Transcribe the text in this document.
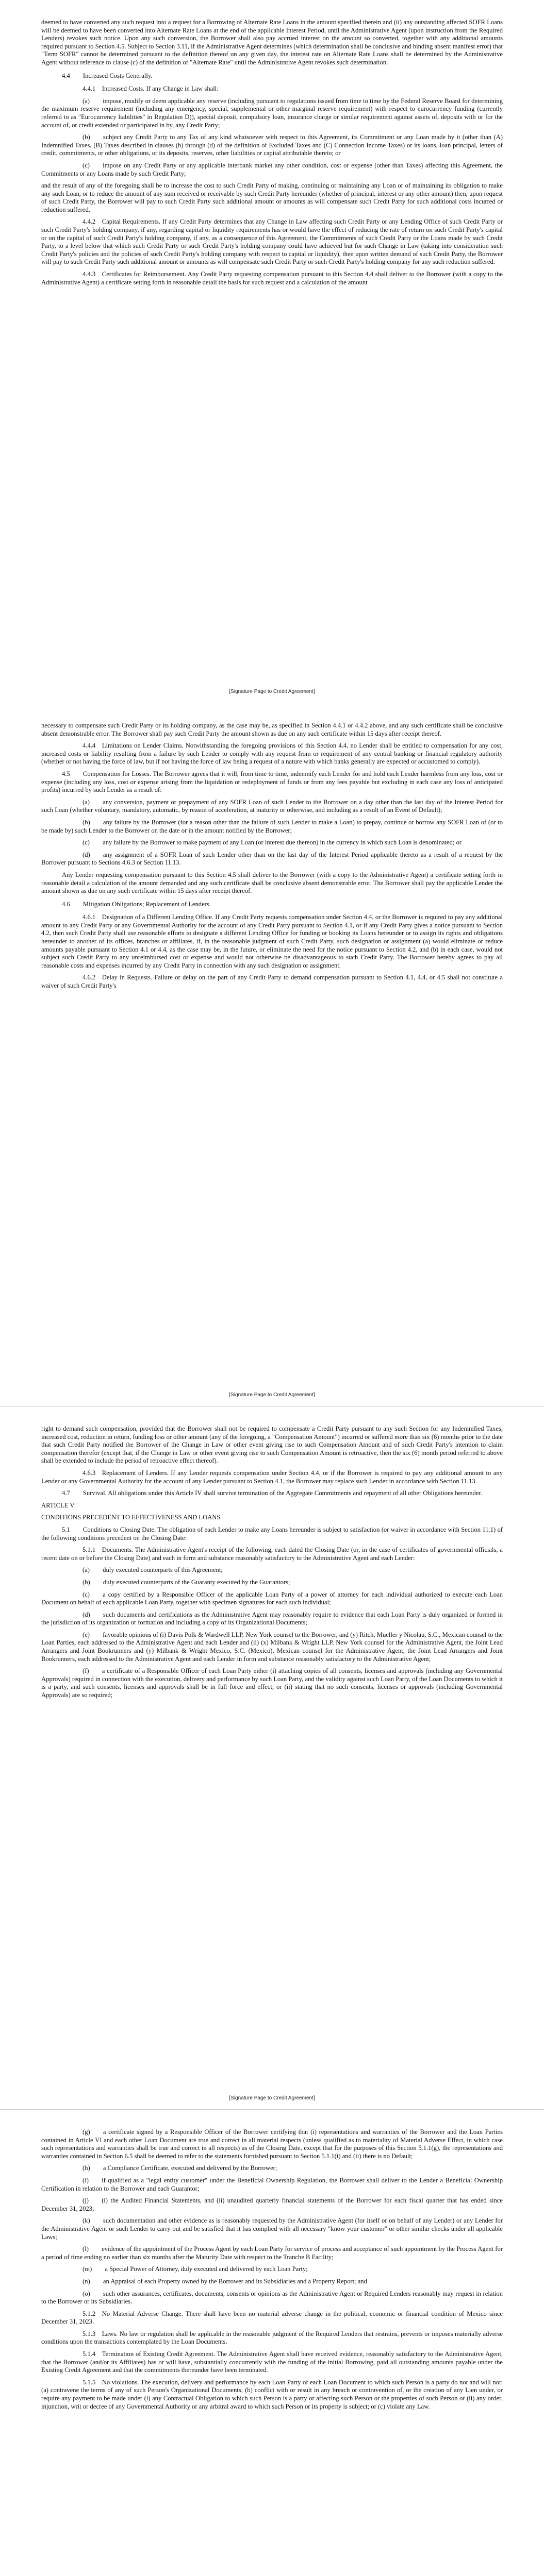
deemed to have converted any such request into a request for a Borrowing of Alternate Rate Loans in the amount specified therein and (ii) any outstanding affected SOFR Loans will be deemed to have been converted into Alternate Rate Loans at the end of the applicable Interest Period, until the Administrative Agent (upon instruction from the Required Lenders) revokes such notice. Upon any such conversion, the Borrower shall also pay accrued interest on the amount so converted, together with any additional amounts required pursuant to Section 4.5. Subject to Section 3.11, if the Administrative Agent determines (which determination shall be conclusive and binding absent manifest error) that "Term SOFR" cannot be determined pursuant to the definition thereof on any given day, the interest rate on Alternate Rate Loans shall be determined by the Administrative Agent without reference to clause (c) of the definition of "Alternate Rate" until the Administrative Agent revokes such determination.

4.4  Increased Costs Generally.

4.4.1 Increased Costs. If any Change in Law shall:

(a)  impose, modify or deem applicable any reserve (including pursuant to regulations issued from time to time by the Federal Reserve Board for determining the maximum reserve requirement (including any emergency, special, supplemental or other marginal reserve requirement) with respect to eurocurrency funding (currently referred to as "Eurocurrency liabilities" in Regulation D)), special deposit, compulsory loan, insurance charge or similar requirement against assets of, deposits with or for the account of, or credit extended or participated in by, any Credit Party;

(b)  subject any Credit Party to any Tax of any kind whatsoever with respect to this Agreement, its Commitment or any Loan made by it (other than (A) Indemnified Taxes, (B) Taxes described in clauses (b) through (d) of the definition of Excluded Taxes and (C) Connection Income Taxes) or its loans, loan principal, letters of credit, commitments, or other obligations, or its deposits, reserves, other liabilities or capital attributable thereto; or

(c)  impose on any Credit Party or any applicable interbank market any other condition, cost or expense (other than Taxes) affecting this Agreement, the Commitments or any Loans made by such Credit Party;

and the result of any of the foregoing shall be to increase the cost to such Credit Party of making, continuing or maintaining any Loan or of maintaining its obligation to make any such Loan, or to reduce the amount of any sum received or receivable by such Credit Party hereunder (whether of principal, interest or any other amount) then, upon request of such Credit Party, the Borrower will pay to such Credit Party such additional amount or amounts as will compensate such Credit Party for such additional costs incurred or reduction suffered.

4.4.2 Capital Requirements. If any Credit Party determines that any Change in Law affecting such Credit Party or any Lending Office of such Credit Party or such Credit Party's holding company, if any, regarding capital or liquidity requirements has or would have the effect of reducing the rate of return on such Credit Party's capital or on the capital of such Credit Party's holding company, if any, as a consequence of this Agreement, the Commitments of such Credit Party or the Loans made by such Credit Party, to a level below that which such Credit Party or such Credit Party's holding company could have achieved but for such Change in Law (taking into consideration such Credit Party's policies and the policies of such Credit Party's holding company with respect to capital or liquidity), then upon written demand of such Credit Party, the Borrower will pay to such Credit Party such additional amount or amounts as will compensate such Credit Party or such Credit Party's holding company for any such reduction suffered.

4.4.3 Certificates for Reimbursement. Any Credit Party requesting compensation pursuant to this Section 4.4 shall deliver to the Borrower (with a copy to the Administrative Agent) a certificate setting forth in reasonable detail the basis for such request and a calculation of the amount

[Signature Page to Credit Agreement]

necessary to compensate such Credit Party or its holding company, as the case may be, as specified in Section 4.4.1 or 4.4.2 above, and any such certificate shall be conclusive absent demonstrable error. The Borrower shall pay such Credit Party the amount shown as due on any such certificate within 15 days after receipt thereof.

4.4.4 Limitations on Lender Claims. Notwithstanding the foregoing provisions of this Section 4.4, no Lender shall be entitled to compensation for any cost, increased costs or liability resulting from a failure by such Lender to comply with any request from or requirement of any central banking or financial regulatory authority (whether or not having the force of law, but if not having the force of law being a request of a nature with which banks generally are expected or accustomed to comply).

4.5  Compensation for Losses. The Borrower agrees that it will, from time to time, indemnify each Lender for and hold each Lender harmless from any loss, cost or expense (including any loss, cost or expense arising from the liquidation or redeployment of funds or from any fees payable but excluding in each case any loss of anticipated profits) incurred by such Lender as a result of:

(a)  any conversion, payment or prepayment of any SOFR Loan of such Lender to the Borrower on a day other than the last day of the Interest Period for such Loan (whether voluntary, mandatory, automatic, by reason of acceleration, at maturity or otherwise, and including as a result of an Event of Default);

(b)  any failure by the Borrower (for a reason other than the failure of such Lender to make a Loan) to prepay, continue or borrow any SOFR Loan of (or to be made by) such Lender to the Borrower on the date or in the amount notified by the Borrower;

(c)  any failure by the Borrower to make payment of any Loan (or interest due thereon) in the currency in which such Loan is denominated; or

(d)  any assignment of a SOFR Loan of such Lender other than on the last day of the Interest Period applicable thereto as a result of a request by the Borrower pursuant to Sections 4.6.3 or Section 11.13.

Any Lender requesting compensation pursuant to this Section 4.5 shall deliver to the Borrower (with a copy to the Administrative Agent) a certificate setting forth in reasonable detail a calculation of the amount demanded and any such certificate shall be conclusive absent demonstrable error. The Borrower shall pay the applicable Lender the amount shown as due on any such certificate within 15 days after receipt thereof.

4.6  Mitigation Obligations; Replacement of Lenders.

4.6.1 Designation of a Different Lending Office. If any Credit Party requests compensation under Section 4.4, or the Borrower is required to pay any additional amount to any Credit Party or any Governmental Authority for the account of any Credit Party pursuant to Section 4.1, or if any Credit Party gives a notice pursuant to Section 4.2, then such Credit Party shall use reasonable efforts to designate a different Lending Office for funding or booking its Loans hereunder or to assign its rights and obligations hereunder to another of its offices, branches or affiliates, if, in the reasonable judgment of such Credit Party, such designation or assignment (a) would eliminate or reduce amounts payable pursuant to Section 4.1 or 4.4, as the case may be, in the future, or eliminate the need for the notice pursuant to Section 4.2, and (b) in each case, would not subject such Credit Party to any unreimbursed cost or expense and would not otherwise be disadvantageous to such Credit Party. The Borrower hereby agrees to pay all reasonable costs and expenses incurred by any Credit Party in connection with any such designation or assignment.

4.6.2 Delay in Requests. Failure or delay on the part of any Credit Party to demand compensation pursuant to Section 4.1, 4.4, or 4.5 shall not constitute a waiver of such Credit Party's

[Signature Page to Credit Agreement]

right to demand such compensation, provided that the Borrower shall not be required to compensate a Credit Party pursuant to any such Section for any Indemnified Taxes, increased cost, reduction in return, funding loss or other amount (any of the foregoing, a "Compensation Amount") incurred or suffered more than six (6) months prior to the date that such Credit Party notified the Borrower of the Change in Law or other event giving rise to such Compensation Amount and of such Credit Party's intention to claim compensation therefor (except that, if the Change in Law or other event giving rise to such Compensation Amount is retroactive, then the six (6) month period referred to above shall be extended to include the period of retroactive effect thereof).

4.6.3 Replacement of Lenders. If any Lender requests compensation under Section 4.4, or if the Borrower is required to pay any additional amount to any Lender or any Governmental Authority for the account of any Lender pursuant to Section 4.1, the Borrower may replace such Lender in accordance with Section 11.13.

4.7  Survival. All obligations under this Article IV shall survive termination of the Aggregate Commitments and repayment of all other Obligations hereunder.

ARTICLE V

CONDITIONS PRECEDENT TO EFFECTIVENESS AND LOANS

5.1  Conditions to Closing Date. The obligation of each Lender to make any Loans hereunder is subject to satisfaction (or waiver in accordance with Section 11.1) of the following conditions precedent on the Closing Date:

5.1.1 Documents. The Administrative Agent's receipt of the following, each dated the Closing Date (or, in the case of certificates of governmental officials, a recent date on or before the Closing Date) and each in form and substance reasonably satisfactory to the Administrative Agent and each Lender:

(a)  duly executed counterparts of this Agreement;

(b)  duly executed counterparts of the Guaranty executed by the Guarantors;

(c)  a copy certified by a Responsible Officer of the applicable Loan Party of a power of attorney for each individual authorized to execute each Loan Document on behalf of each applicable Loan Party, together with specimen signatures for each such individual;

(d)  such documents and certifications as the Administrative Agent may reasonably require to evidence that each Loan Party is duly organized or formed in the jurisdiction of its organization or formation and including a copy of its Organizational Documents;

(e)  favorable opinions of (i) Davis Polk & Wardwell LLP, New York counsel to the Borrower, and (y) Ritch, Mueller y Nicolau, S.C., Mexican counsel to the Loan Parties, each addressed to the Administrative Agent and each Lender and (ii) (x) Milbank & Wright LLP, New York counsel for the Administrative Agent, the Joint Lead Arrangers and Joint Bookrunners and (y) Milbank & Wright Mexico, S.C. (Mexico), Mexican counsel for the Administrative Agent, the Joint Lead Arrangers and Joint Bookrunners, each addressed to the Administrative Agent and each Lender in form and substance reasonably satisfactory to the Administrative Agent;

(f)  a certificate of a Responsible Officer of each Loan Party either (i) attaching copies of all consents, licenses and approvals (including any Governmental Approvals) required in connection with the execution, delivery and performance by such Loan Party, and the validity against such Loan Party, of the Loan Documents to which it is a party, and such consents, licenses and approvals shall be in full force and effect, or (ii) stating that no such consents, licenses or approvals (including Governmental Approvals) are so required;

[Signature Page to Credit Agreement]

(g)  a certificate signed by a Responsible Officer of the Borrower certifying that (i) representations and warranties of the Borrower and the Loan Parties contained in Article VI and each other Loan Document are true and correct in all material respects (unless qualified as to materiality of Material Adverse Effect, in which case such representations and warranties shall be true and correct in all respects) as of the Closing Date, except that for the purposes of this Section 5.1.1(g), the representations and warranties contained in Section 6.5 shall be deemed to refer to the statements furnished pursuant to Section 5.1.1(i) and (ii) there is no Default;

(h)  a Compliance Certificate, executed and delivered by the Borrower;

(i)  if qualified as a "legal entity customer" under the Beneficial Ownership Regulation, the Borrower shall deliver to the Lender a Beneficial Ownership Certification in relation to the Borrower and each Guarantor;

(j)  (i) the Audited Financial Statements, and (ii) unaudited quarterly financial statements of the Borrower for each fiscal quarter that has ended since December 31, 2023;

(k)  such documentation and other evidence as is reasonably requested by the Administrative Agent (for itself or on behalf of any Lender) or any Lender for the Administrative Agent or such Lender to carry out and be satisfied that it has complied with all necessary "know your customer" or other similar checks under all applicable Laws;

(l)  evidence of the appointment of the Process Agent by each Loan Party for service of process and acceptance of such appointment by the Process Agent for a period of time ending no earlier than six months after the Maturity Date with respect to the Tranche B Facility;

(m)  a Special Power of Attorney, duly executed and delivered by each Loan Party;

(n)  an Appraisal of each Property owned by the Borrower and its Subsidiaries and a Property Report; and

(o)  such other assurances, certificates, documents, consents or opinions as the Administrative Agent or Required Lenders reasonably may request in relation to the Borrower or its Subsidiaries.

5.1.2 No Material Adverse Change. There shall have been no material adverse change in the political, economic or financial condition of Mexico since December 31, 2023.

5.1.3 Laws. No law or regulation shall be applicable in the reasonable judgment of the Required Lenders that restrains, prevents or imposes materially adverse conditions upon the transactions contemplated by the Loan Documents.

5.1.4 Termination of Existing Credit Agreement. The Administrative Agent shall have received evidence, reasonably satisfactory to the Administrative Agent, that the Borrower (and/or its Affiliates) has or will have, substantially concurrently with the funding of the initial Borrowing, paid all outstanding amounts payable under the Existing Credit Agreement and that the commitments thereunder have been terminated.

5.1.5 No violations. The execution, delivery and performance by each Loan Party of each Loan Document to which such Person is a party do not and will not: (a) contravene the terms of any of such Person's Organizational Documents; (b) conflict with or result in any breach or contravention of, or the creation of any Lien under, or require any payment to be made under (i) any Contractual Obligation to which such Person is a party or affecting such Person or the properties of such Person or (ii) any order, injunction, writ or decree of any Governmental Authority or any arbitral award to which such Person or its property is subject; or (c) violate any Law.
